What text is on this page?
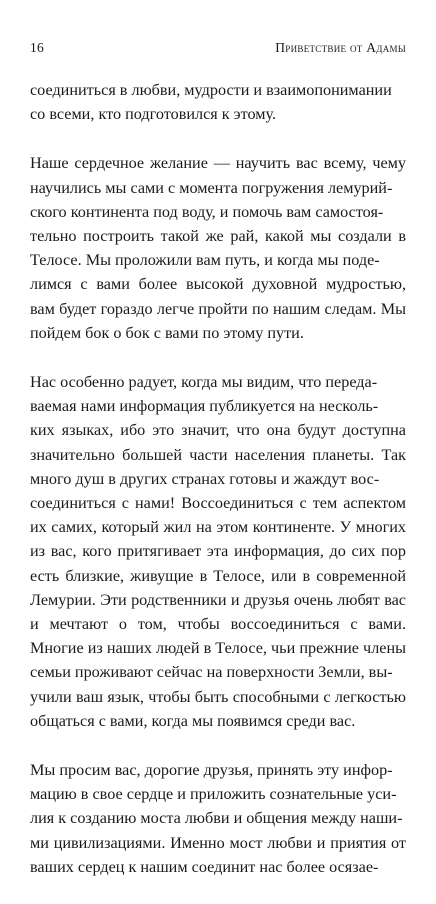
16	Приветствие от Адамы

соединиться в любви, мудрости и взаимопонимании
со всеми, кто подготовился к этому.

Наше сердечное желание — научить вас всему, чему научились мы сами с момента погружения лемурий-
ского континента под воду, и помочь вам самостоя-
тельно построить такой же рай, какой мы создали в Телосе. Мы проложили вам путь, и когда мы поде-
лимся с вами более высокой духовной мудростью, вам будет гораздо легче пройти по нашим следам. Мы пойдем бок о бок с вами по этому пути.

Нас особенно радует, когда мы видим, что переда-
ваемая нами информация публикуется на несколь-
ких языках, ибо это значит, что она будут доступна значительно большей части населения планеты. Так много душ в других странах готовы и жаждут вос-
соединиться с нами! Воссоединиться с тем аспектом их самих, который жил на этом континенте. У многих из вас, кого притягивает эта информация, до сих пор есть близкие, живущие в Телосе, или в современной Лемурии. Эти родственники и друзья очень любят вас и мечтают о том, чтобы воссоединиться с вами. Многие из наших людей в Телосе, чьи прежние члены семьи проживают сейчас на поверхности Земли, вы-
учили ваш язык, чтобы быть способными с легкостью общаться с вами, когда мы появимся среди вас.

Мы просим вас, дорогие друзья, принять эту инфор-
мацию в свое сердце и приложить сознательные уси-
лия к созданию моста любви и общения между наши-
ми цивилизациями. Именно мост любви и приятия от ваших сердец к нашим соединит нас более осязае-
